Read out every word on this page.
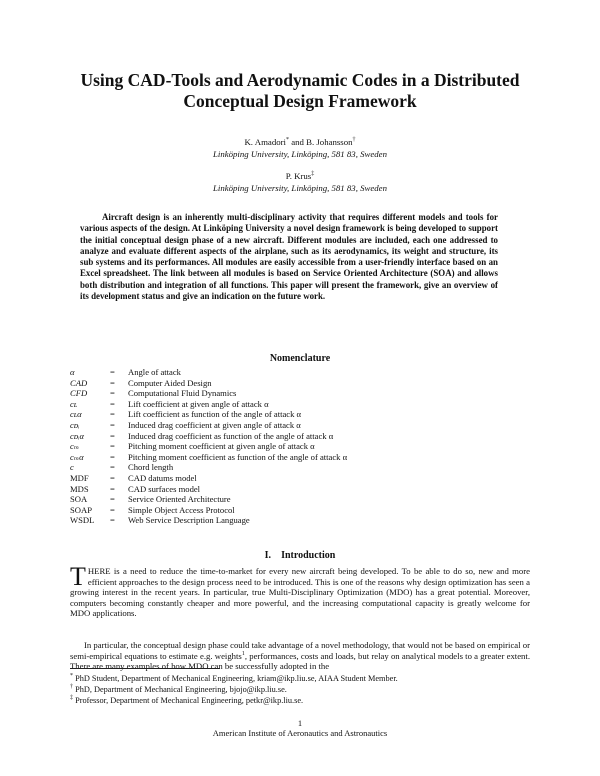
Using CAD-Tools and Aerodynamic Codes in a Distributed
Conceptual Design Framework
K. Amadori* and B. Johansson†
Linköping University, Linköping, 581 83, Sweden
P. Krus‡
Linköping University, Linköping, 581 83, Sweden
Aircraft design is an inherently multi-disciplinary activity that requires different models and tools for various aspects of the design. At Linköping University a novel design framework is being developed to support the initial conceptual design phase of a new aircraft. Different modules are included, each one addressed to analyze and evaluate different aspects of the airplane, such as its aerodynamics, its weight and structure, its sub systems and its performances. All modules are easily accessible from a user-friendly interface based on an Excel spreadsheet. The link between all modules is based on Service Oriented Architecture (SOA) and allows both distribution and integration of all functions. This paper will present the framework, give an overview of its development status and give an indication on the future work.
Nomenclature
α	= Angle of attack
CAD	= Computer Aided Design
CFD	= Computational Fluid Dynamics
cʟ	= Lift coefficient at given angle of attack α
cʟα	= Lift coefficient as function of the angle of attack α
cᴅᵢ	= Induced drag coefficient at given angle of attack α
cᴅᵢα	= Induced drag coefficient as function of the angle of attack α
cₘ	= Pitching moment coefficient at given angle of attack α
cₘα	= Pitching moment coefficient as function of the angle of attack α
c	= Chord length
MDF = CAD datums model
MDS = CAD surfaces model
SOA	= Service Oriented Architecture
SOAP = Simple Object Access Protocol
WSDL = Web Service Description Language
I. Introduction
THERE is a need to reduce the time-to-market for every new aircraft being developed. To be able to do so, new and more efficient approaches to the design process need to be introduced. This is one of the reasons why design optimization has seen a growing interest in the recent years. In particular, true Multi-Disciplinary Optimization (MDO) has a great potential. Moreover, computers becoming constantly cheaper and more powerful, and the increasing computational capacity is greatly welcome for MDO applications.
In particular, the conceptual design phase could take advantage of a novel methodology, that would not be based on empirical or semi-empirical equations to estimate e.g. weights$^1$, performances, costs and loads, but relay on analytical models to a greater extent. There are many examples of how MDO can be successfully adopted in the
* PhD Student, Department of Mechanical Engineering, kriam@ikp.liu.se, AIAA Student Member.
† PhD, Department of Mechanical Engineering, bjojo@ikp.liu.se.
‡ Professor, Department of Mechanical Engineering, petkr@ikp.liu.se.
1
American Institute of Aeronautics and Astronautics
